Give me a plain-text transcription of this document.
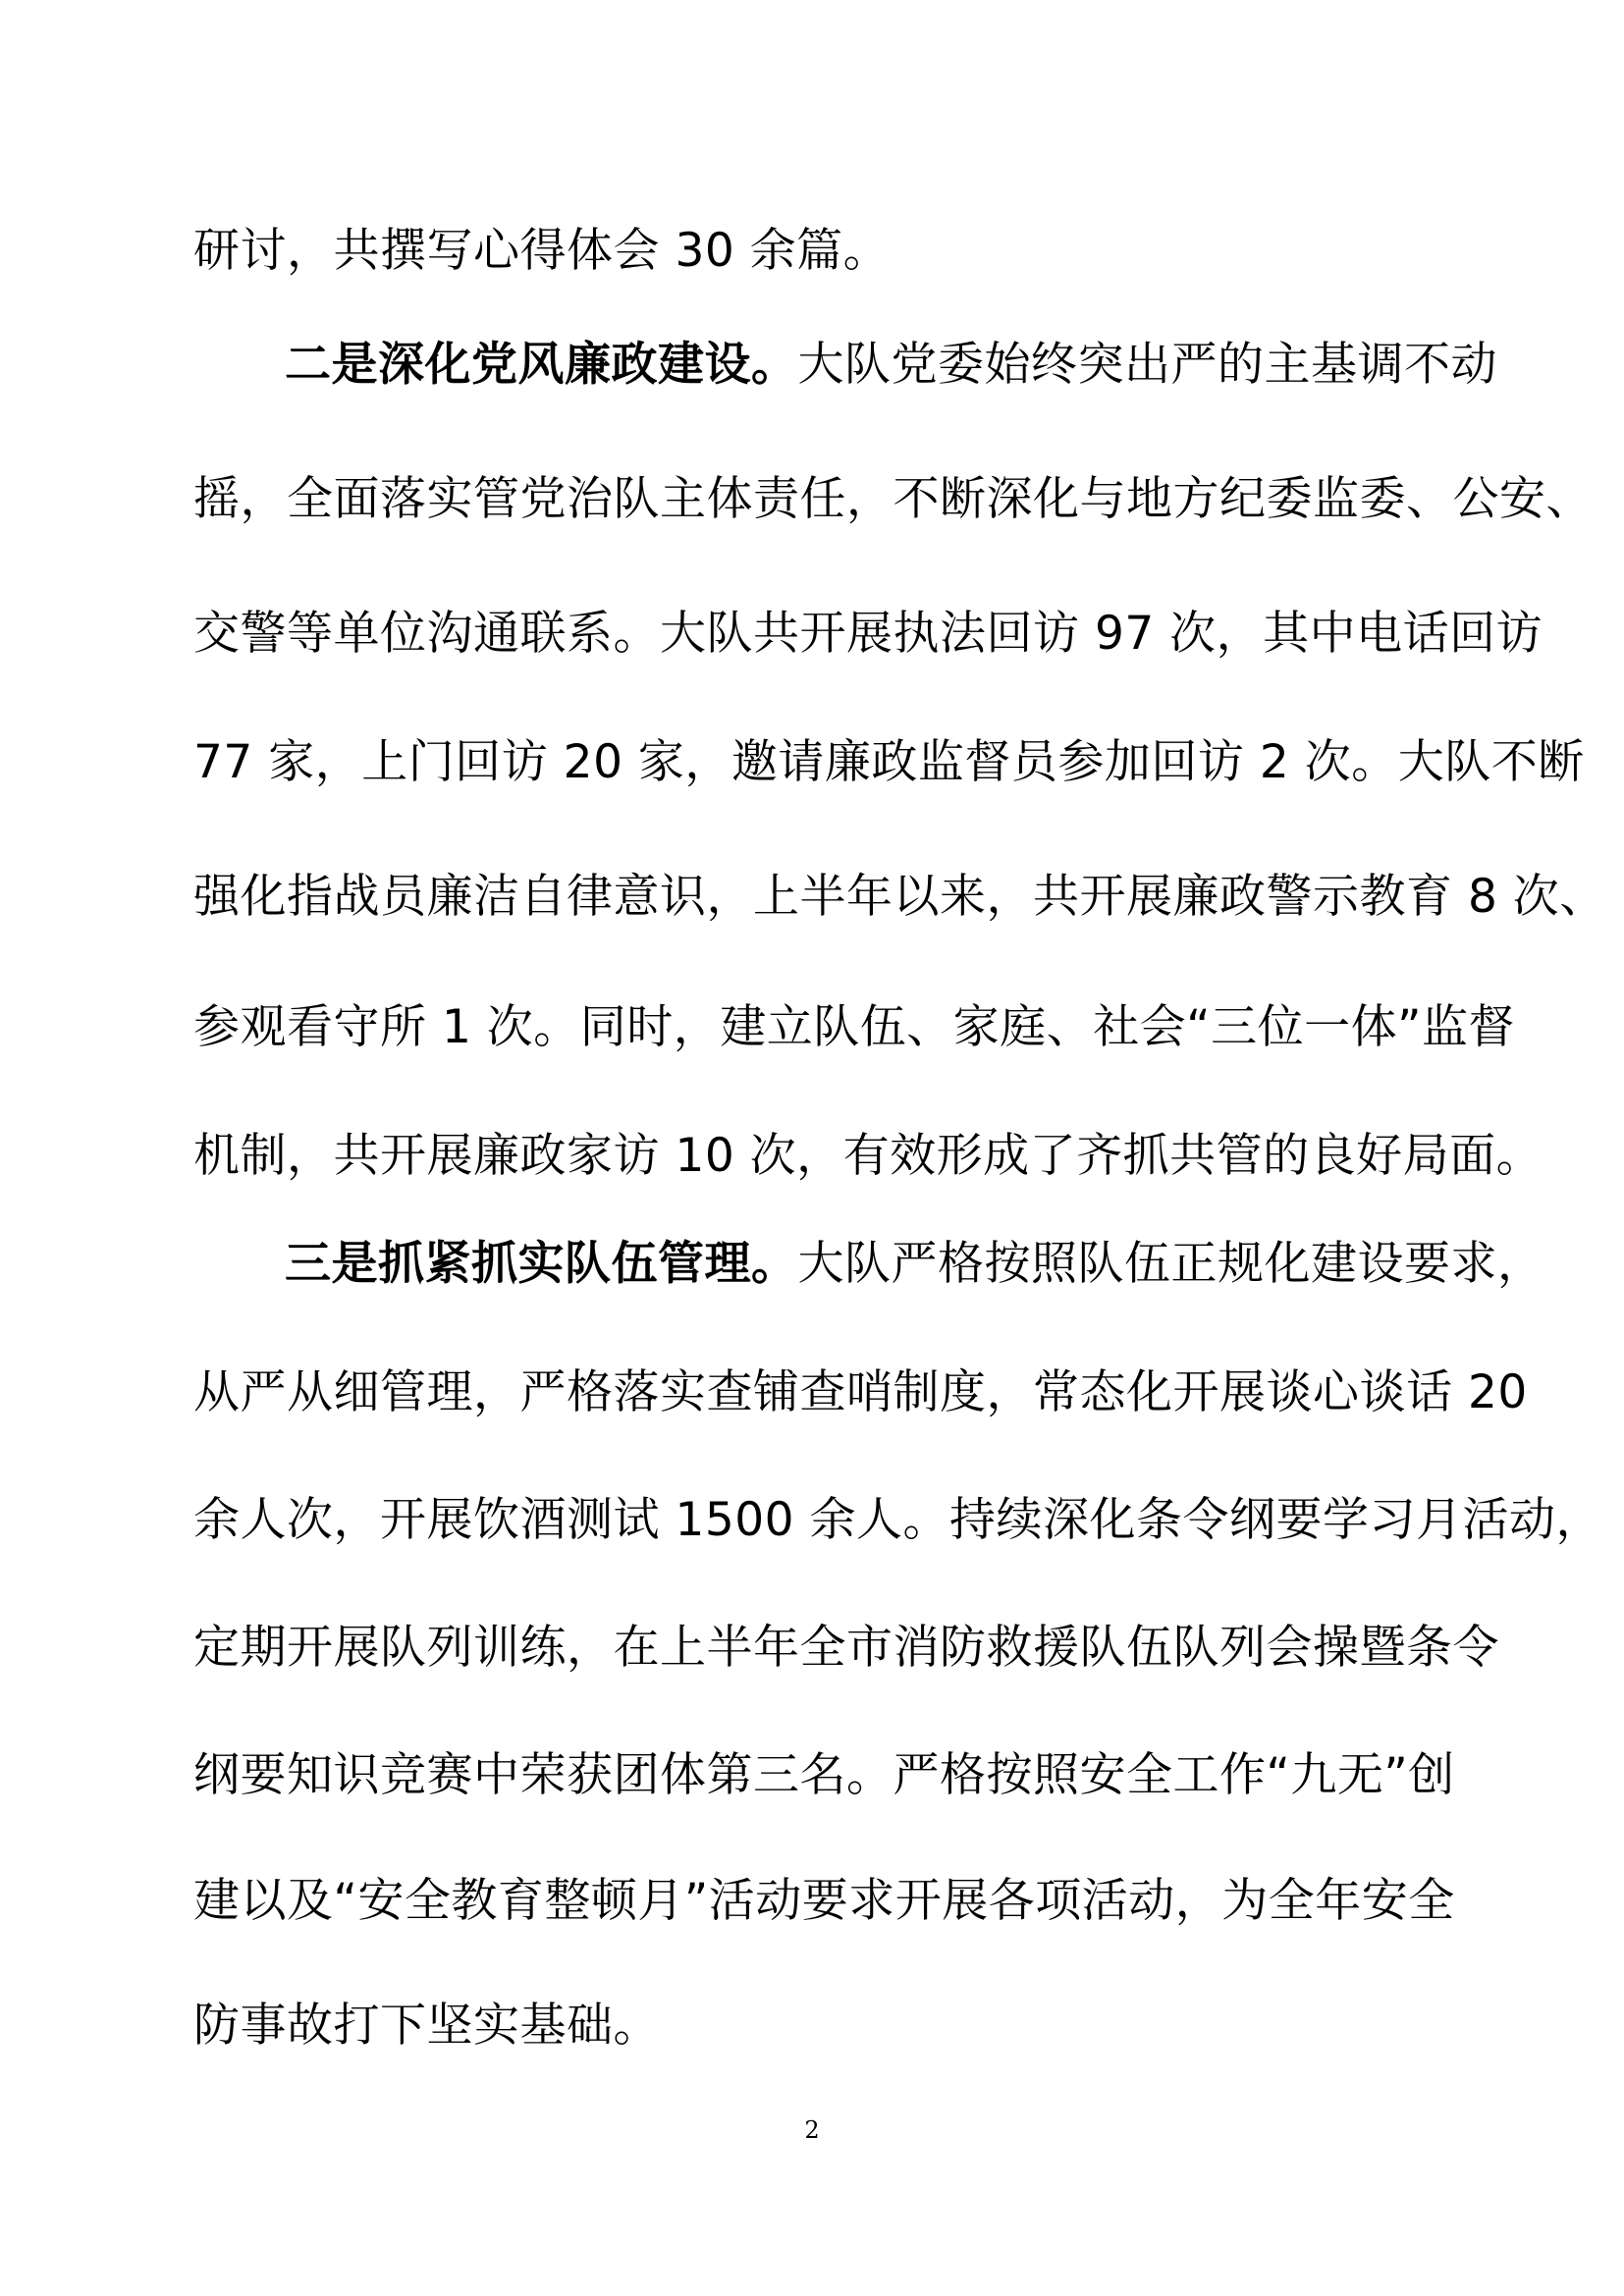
研讨，共撰写心得体会 30 余篇。
二是深化党风廉政建设。大队党委始终突出严的主基调不动
摇，全面落实管党治队主体责任，不断深化与地方纪委监委、公安、
交警等单位沟通联系。大队共开展执法回访 97 次，其中电话回访
77 家，上门回访 20 家，邀请廉政监督员参加回访 2 次。大队不断
强化指战员廉洁自律意识，上半年以来，共开展廉政警示教育 8 次、
参观看守所 1 次。同时，建立队伍、家庭、社会“三位一体”监督
机制，共开展廉政家访 10 次，有效形成了齐抓共管的良好局面。
三是抓紧抓实队伍管理。大队严格按照队伍正规化建设要求，
从严从细管理，严格落实查铺查哨制度，常态化开展谈心谈话 20
余人次，开展饮酒测试 1500 余人。持续深化条令纲要学习月活动，
定期开展队列训练，在上半年全市消防救援队伍队列会操暨条令
纲要知识竞赛中荣获团体第三名。严格按照安全工作“九无”创
建以及“安全教育整顿月”活动要求开展各项活动，为全年安全
防事故打下坚实基础。
2
